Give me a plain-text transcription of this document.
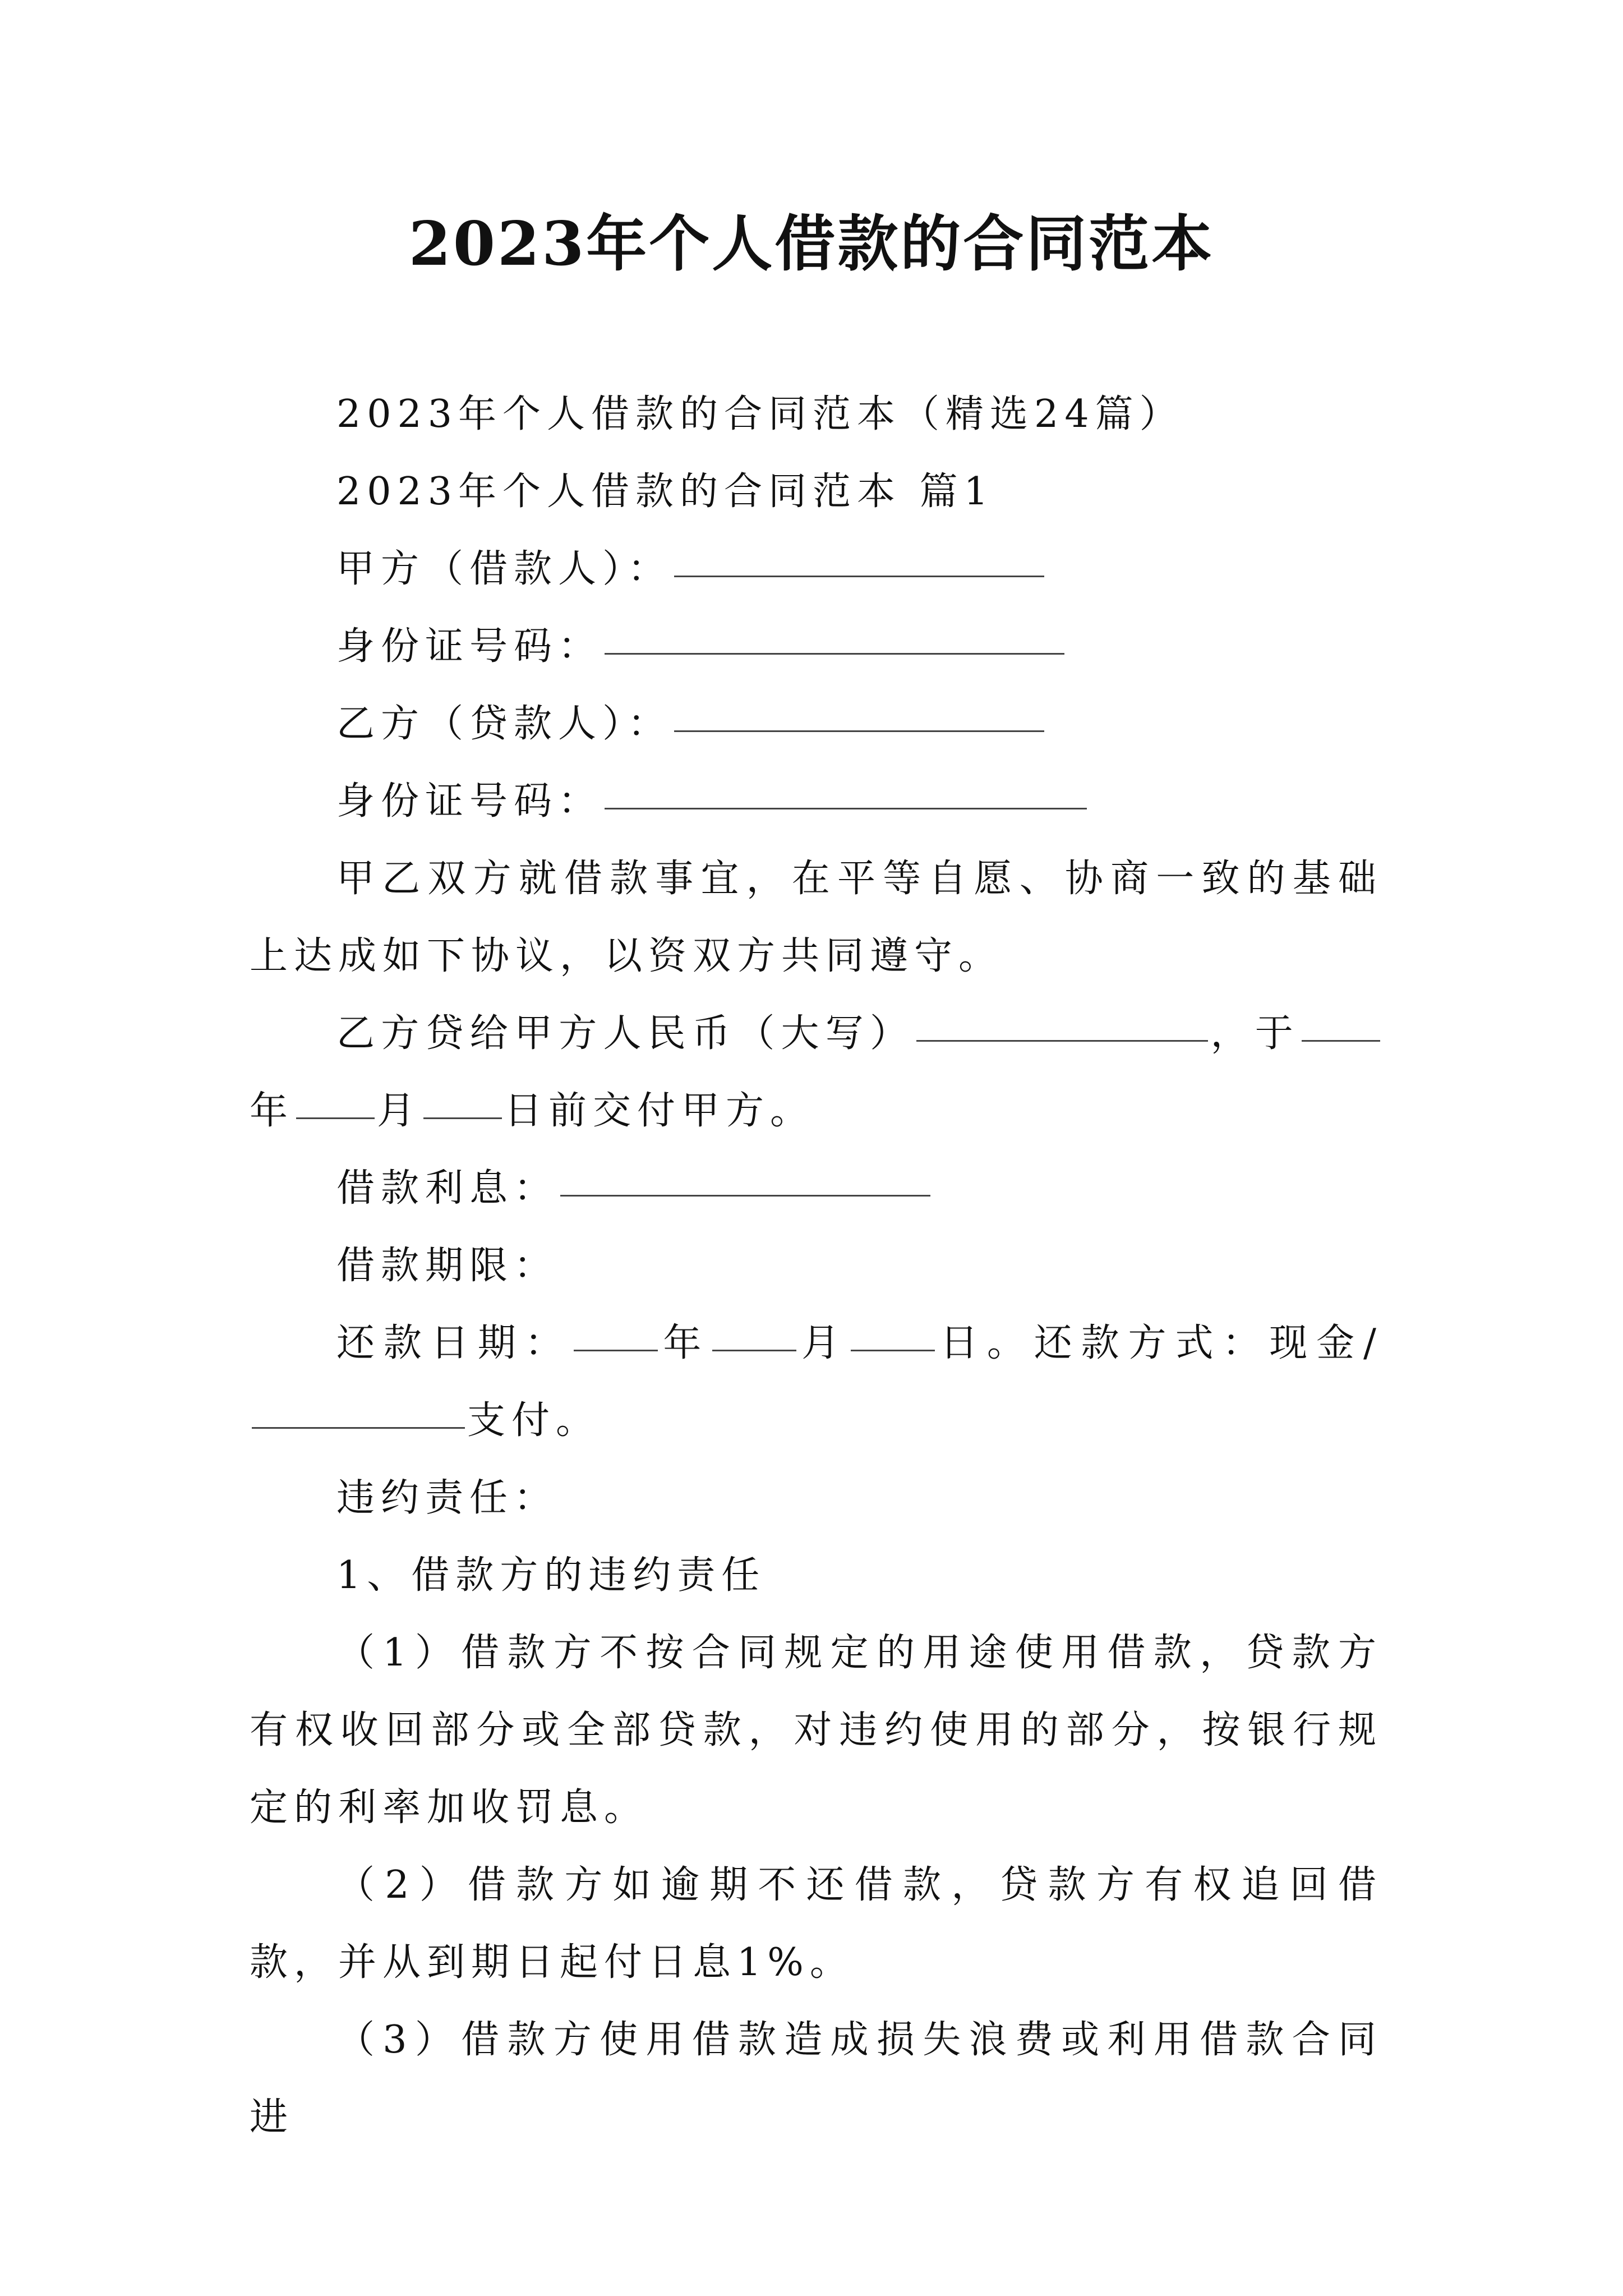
2023年个人借款的合同范本

2023年个人借款的合同范本（精选24篇）

2023年个人借款的合同范本 篇1

甲方（借款人）：

身份证号码：

乙方（贷款人）：

身份证号码：

甲乙双方就借款事宜，在平等自愿、协商一致的基础上达成如下协议，以资双方共同遵守。

乙方贷给甲方人民币（大写）	，于年 月 日前交付甲方。

借款利息：

借款期限：

还款日期： 年 月 日。还款方式：现金/支付。

违约责任：

1、借款方的违约责任

（1）借款方不按合同规定的用途使用借款，贷款方有权收回部分或全部贷款，对违约使用的部分，按银行规定的利率加收罚息。

（2）借款方如逾期不还借款，贷款方有权追回借款，并从到期日起付日息1%。

（3）借款方使用借款造成损失浪费或利用借款合同进
